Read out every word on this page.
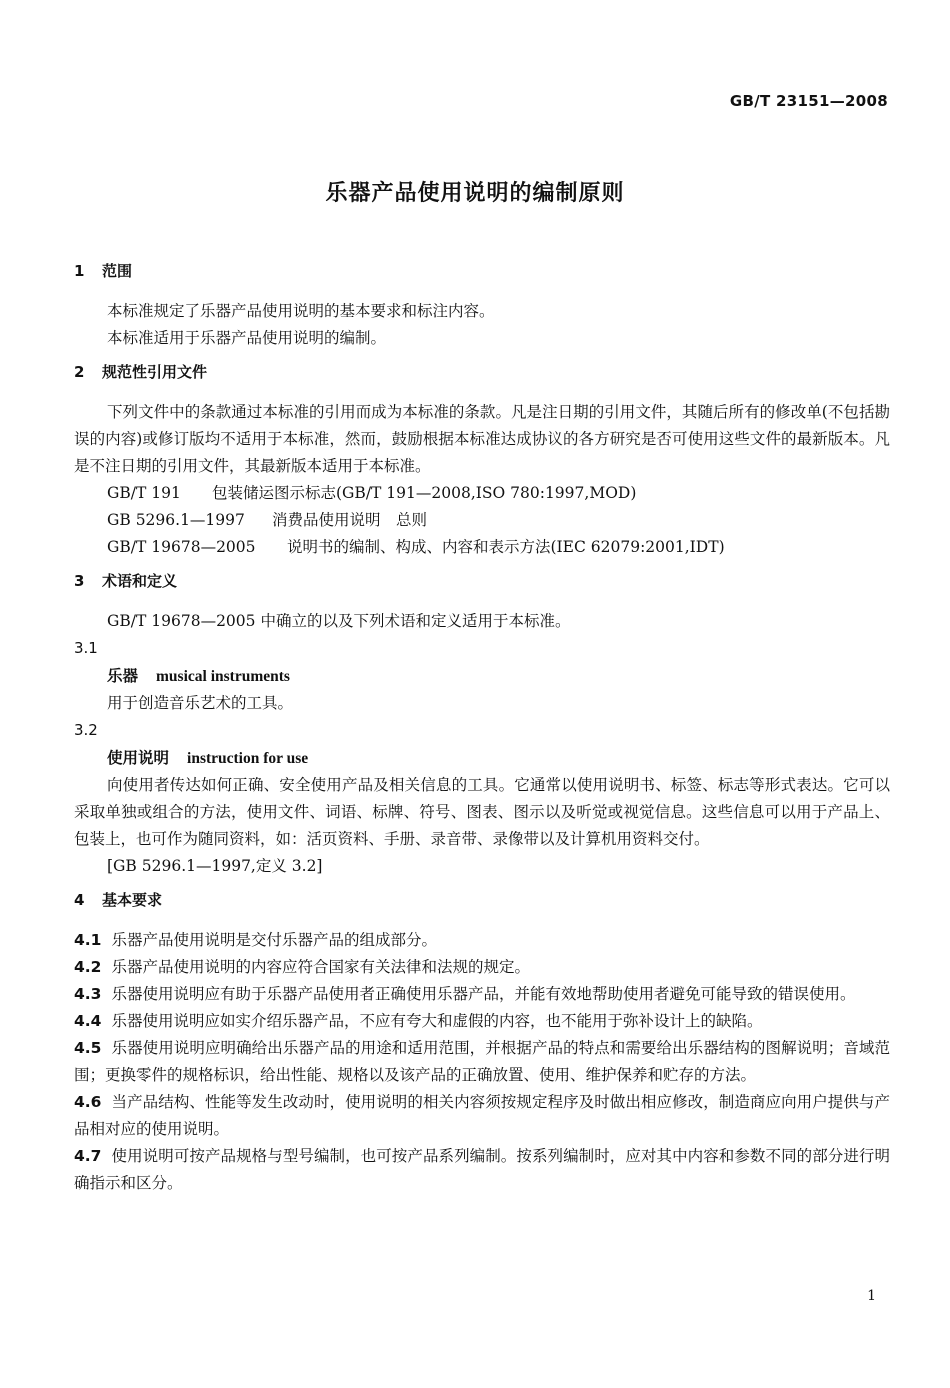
GB/T 23151—2008
乐器产品使用说明的编制原则
1	范围

本标准规定了乐器产品使用说明的基本要求和标注内容。

本标准适用于乐器产品使用说明的编制。

2	规范性引用文件

下列文件中的条款通过本标准的引用而成为本标准的条款。凡是注日期的引用文件，其随后所有的修改单(不包括勘误的内容)或修订版均不适用于本标准，然而，鼓励根据本标准达成协议的各方研究是否可使用这些文件的最新版本。凡是不注日期的引用文件，其最新版本适用于本标准。

GB/T 191 包装储运图示标志(GB/T 191—2008,ISO 780:1997,MOD)

GB 5296.1—1997 消费品使用说明　总则

GB/T 19678—2005 说明书的编制、构成、内容和表示方法(IEC 62079:2001,IDT)

3	术语和定义

GB/T 19678—2005 中确立的以及下列术语和定义适用于本标准。

3.1

乐器 musical instruments

用于创造音乐艺术的工具。

3.2

使用说明 instruction for use

向使用者传达如何正确、安全使用产品及相关信息的工具。它通常以使用说明书、标签、标志等形式表达。它可以采取单独或组合的方法，使用文件、词语、标牌、符号、图表、图示以及听觉或视觉信息。这些信息可以用于产品上、包装上，也可作为随同资料，如：活页资料、手册、录音带、录像带以及计算机用资料交付。

[GB 5296.1—1997,定义 3.2]

4	基本要求

4.1 乐器产品使用说明是交付乐器产品的组成部分。

4.2 乐器产品使用说明的内容应符合国家有关法律和法规的规定。

4.3 乐器使用说明应有助于乐器产品使用者正确使用乐器产品，并能有效地帮助使用者避免可能导致的错误使用。

4.4 乐器使用说明应如实介绍乐器产品，不应有夸大和虚假的内容，也不能用于弥补设计上的缺陷。

4.5 乐器使用说明应明确给出乐器产品的用途和适用范围，并根据产品的特点和需要给出乐器结构的图解说明；音域范围；更换零件的规格标识，给出性能、规格以及该产品的正确放置、使用、维护保养和贮存的方法。

4.6 当产品结构、性能等发生改动时，使用说明的相关内容须按规定程序及时做出相应修改，制造商应向用户提供与产品相对应的使用说明。

4.7 使用说明可按产品规格与型号编制，也可按产品系列编制。按系列编制时，应对其中内容和参数不同的部分进行明确指示和区分。

1
